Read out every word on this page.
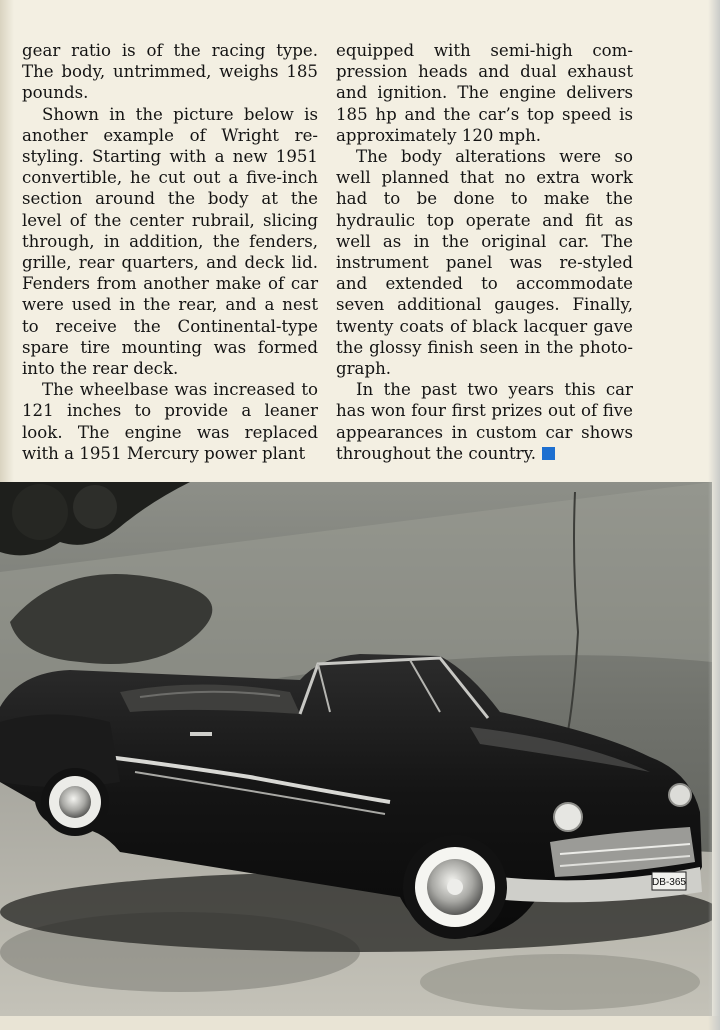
gear ratio is of the racing type. The body, untrimmed, weighs 185 pounds.

Shown in the picture below is another example of Wright restyling. Starting with a new 1951 convertible, he cut out a five-inch section around the body at the level of the center rubrail, slicing through, in addition, the fenders, grille, rear quarters, and deck lid. Fenders from another make of car were used in the rear, and a nest to receive the Continental-type spare tire mounting was formed into the rear deck.

The wheelbase was increased to 121 inches to provide a leaner look. The engine was replaced with a 1951 Mercury power plant

equipped with semi-high compression heads and dual exhaust and ignition. The engine delivers 185 hp and the car’s top speed is approximately 120 mph.

The body alterations were so well planned that no extra work had to be done to make the hydraulic top operate and fit as well as in the original car. The instrument panel was re-styled and extended to accommodate seven additional gauges. Finally, twenty coats of black lacquer gave the glossy finish seen in the photograph.

In the past two years this car has won four first prizes out of five appearances in custom car shows throughout the country.

DB-365
